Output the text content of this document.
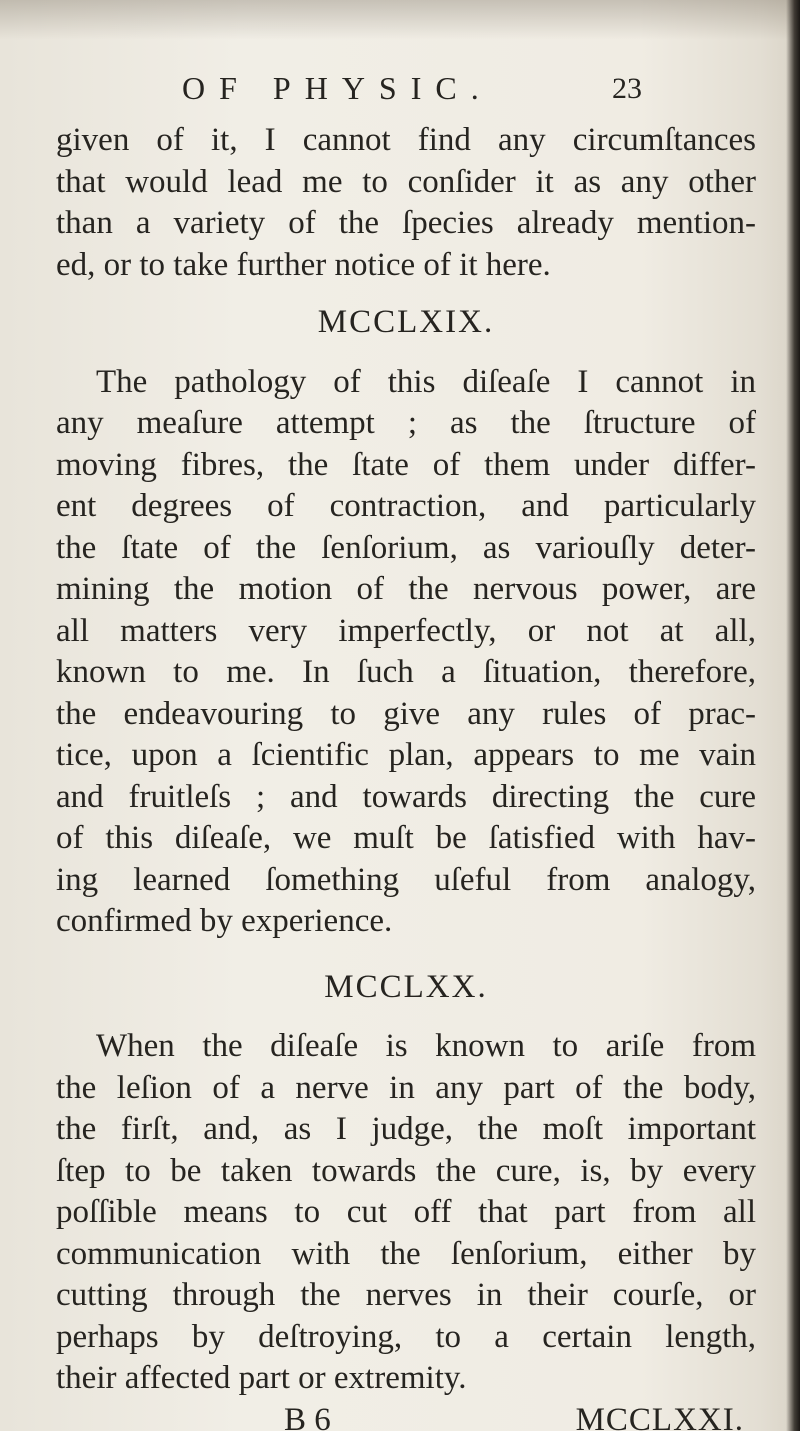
OF PHYSIC.	23
given of it, I cannot find any circumſtances
that would lead me to conſider it as any other
than a variety of the ſpecies already mention-
ed, or to take further notice of it here.
MCCLXIX.
The pathology of this diſeaſe I cannot in
any meaſure attempt ; as the ſtructure of
moving fibres, the ſtate of them under differ-
ent degrees of contraction, and particularly
the ſtate of the ſenſorium, as variouſly deter-
mining the motion of the nervous power, are
all matters very imperfectly, or not at all,
known to me. In ſuch a ſituation, therefore,
the endeavouring to give any rules of prac-
tice, upon a ſcientific plan, appears to me vain
and fruitleſs ; and towards directing the cure
of this diſeaſe, we muſt be ſatisfied with hav-
ing learned ſomething uſeful from analogy,
confirmed by experience.
MCCLXX.
When the diſeaſe is known to ariſe from
the leſion of a nerve in any part of the body,
the firſt, and, as I judge, the moſt important
ſtep to be taken towards the cure, is, by every
poſſible means to cut off that part from all
communication with the ſenſorium, either by
cutting through the nerves in their courſe, or
perhaps by deſtroying, to a certain length,
their affected part or extremity.
B 6	MCCLXXI.
